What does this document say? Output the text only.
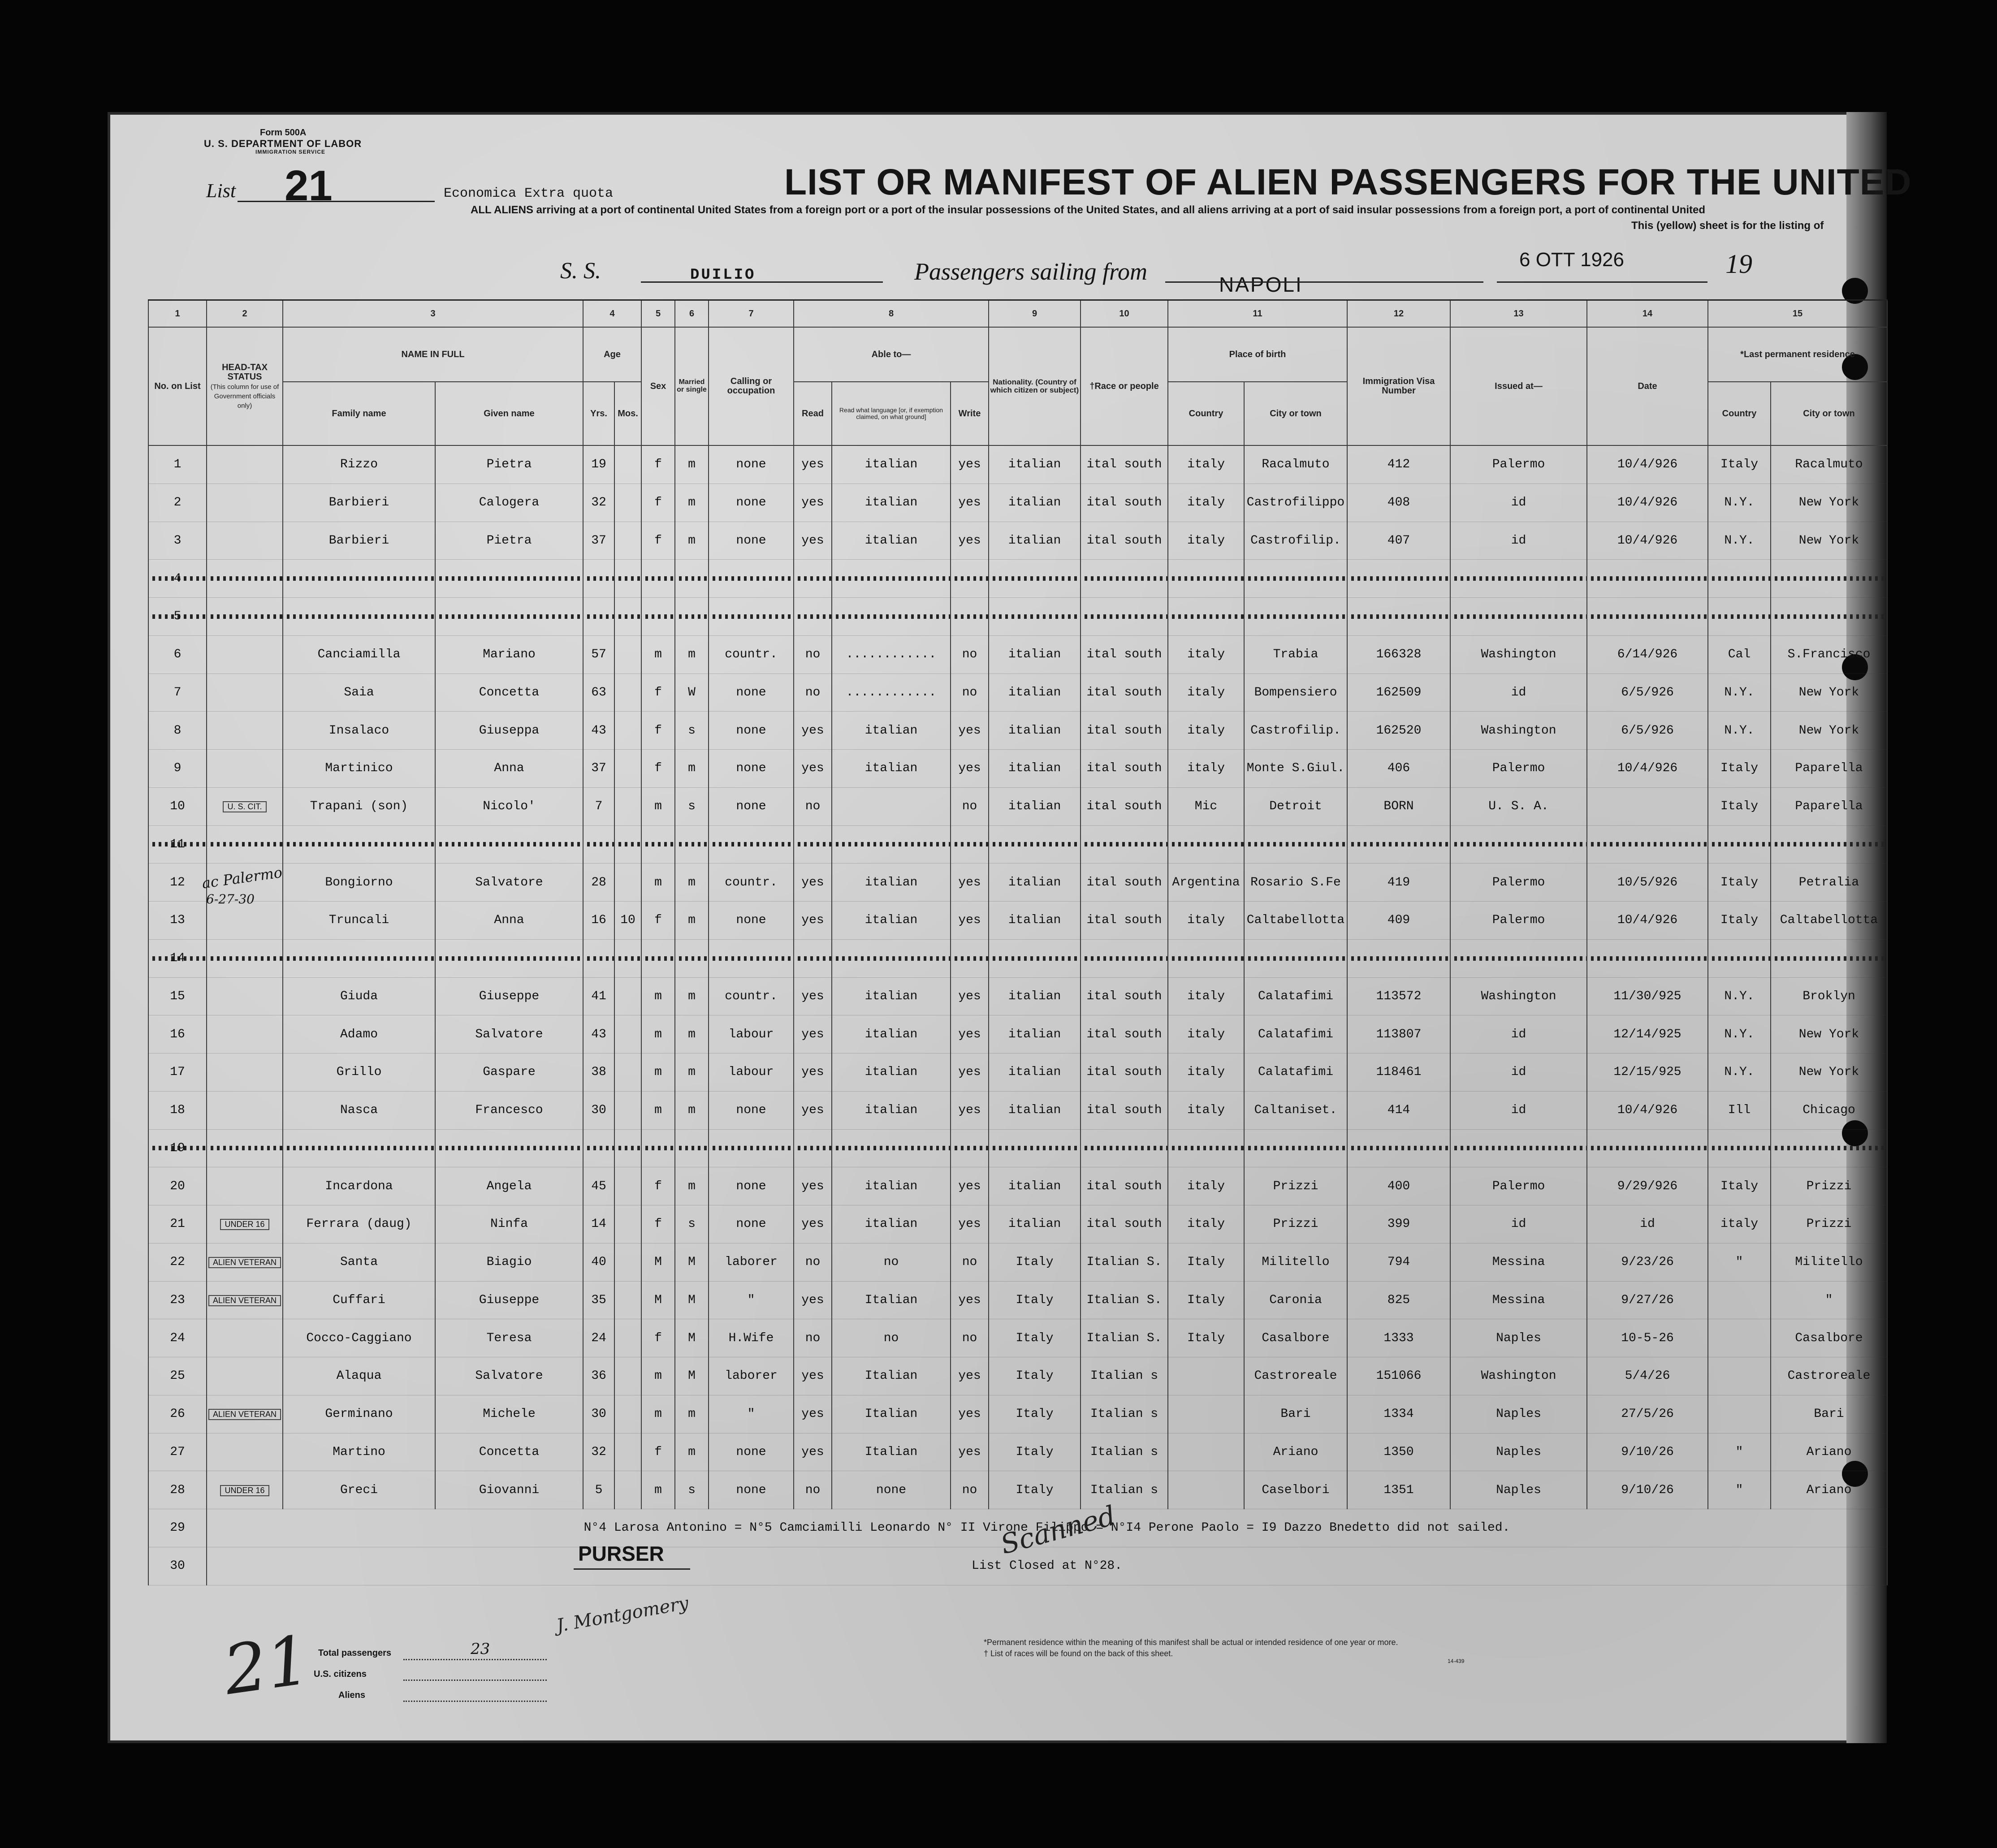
Form 500A
U. S. DEPARTMENT OF LABOR
IMMIGRATION SERVICE
List 21	Economica Extra quota	LIST OR MANIFEST OF ALIEN PASSENGERS FOR THE UNITED
ALL ALIENS arriving at a port of continental United States from a foreign port or a port of the insular possessions of the United States, and all aliens arriving at a port of said insular possessions from a foreign port, a port of continental United
This (yellow) sheet is for the listing of
S. S.	DUILIO	Passengers sailing from	NAPOLI
6 OTT 1926	19
1	2	3		4		5	6	7	8			9	10	11		12	13	14	15	
No. on List	HEAD-TAX STATUS
(This column for use of Government officials only)	NAME IN FULL		Age		Sex	Married or single	Calling or occupation	Able to—			Nationality. (Country of which citizen or subject)	†Race or people	Place of birth		Immigration Visa Number	Issued at—	Date	*Last permanent residence	
		Family name	Given name	Yrs.	Mos.				Read	Read what language [or, if exemption claimed, on what ground]	Write			Country	City or town				Country	City or town
1		Rizzo	Pietra	19		f	m	none	yes	italian	yes	italian	ital south	italy	Racalmuto	412	Palermo	10/4/926	Italy	Racalmuto
2		Barbieri	Calogera	32		f	m	none	yes	italian	yes	italian	ital south	italy	Castrofilippo	408	id	10/4/926	N.Y.	New York
3		Barbieri	Pietra	37		f	m	none	yes	italian	yes	italian	ital south	italy	Castrofilip.	407	id	10/4/926	N.Y.	New York
4																				
5																				
6		Canciamilla	Mariano	57		m	m	countr.	no	............	no	italian	ital south	italy	Trabia	166328	Washington	6/14/926	Cal	S.Francisco
7		Saia	Concetta	63		f	W	none	no	............	no	italian	ital south	italy	Bompensiero	162509	id	6/5/926	N.Y.	New York
8		Insalaco	Giuseppa	43		f	s	none	yes	italian	yes	italian	ital south	italy	Castrofilip.	162520	Washington	6/5/926	N.Y.	New York
9		Martinico	Anna	37		f	m	none	yes	italian	yes	italian	ital south	italy	Monte S.Giul.	406	Palermo	10/4/926	Italy	Paparella
10	U. S. CIT.	Trapani (son)	Nicolo'	7		m	s	none	no		no	italian	ital south	Mic	Detroit	BORN	U. S. A.		Italy	Paparella
11																				
12		Bongiorno	Salvatore	28		m	m	countr.	yes	italian	yes	italian	ital south	Argentina	Rosario S.Fe	419	Palermo	10/5/926	Italy	Petralia
13		Truncali	Anna	16	10	f	m	none	yes	italian	yes	italian	ital south	italy	Caltabellotta	409	Palermo	10/4/926	Italy	Caltabellotta
14																				
15		Giuda	Giuseppe	41		m	m	countr.	yes	italian	yes	italian	ital south	italy	Calatafimi	113572	Washington	11/30/925	N.Y.	Broklyn
16		Adamo	Salvatore	43		m	m	labour	yes	italian	yes	italian	ital south	italy	Calatafimi	113807	id	12/14/925	N.Y.	New York
17		Grillo	Gaspare	38		m	m	labour	yes	italian	yes	italian	ital south	italy	Calatafimi	118461	id	12/15/925	N.Y.	New York
18		Nasca	Francesco	30		m	m	none	yes	italian	yes	italian	ital south	italy	Caltaniset.	414	id	10/4/926	Ill	Chicago
19																				
20		Incardona	Angela	45		f	m	none	yes	italian	yes	italian	ital south	italy	Prizzi	400	Palermo	9/29/926	Italy	Prizzi
21	UNDER 16	Ferrara (daug)	Ninfa	14		f	s	none	yes	italian	yes	italian	ital south	italy	Prizzi	399	id	id	italy	Prizzi
22	ALIEN VETERAN	Santa	Biagio	40		M	M	laborer	no	no	no	Italy	Italian S.	Italy	Militello	794	Messina	9/23/26	"	Militello
23	ALIEN VETERAN	Cuffari	Giuseppe	35		M	M	"	yes	Italian	yes	Italy	Italian S.	Italy	Caronia	825	Messina	9/27/26		"
24		Cocco-Caggiano	Teresa	24		f	M	H.Wife	no	no	no	Italy	Italian S.	Italy	Casalbore	1333	Naples	10-5-26		Casalbore
25		Alaqua	Salvatore	36		m	M	laborer	yes	Italian	yes	Italy	Italian s		Castroreale	151066	Washington	5/4/26		Castroreale
26	ALIEN VETERAN	Germinano	Michele	30		m	m	"	yes	Italian	yes	Italy	Italian s		Bari	1334	Naples	27/5/26		Bari
27		Martino	Concetta	32		f	m	none	yes	Italian	yes	Italy	Italian s		Ariano	1350	Naples	9/10/26	"	Ariano
28	UNDER 16	Greci	Giovanni	5		m	s	none	no	none	no	Italy	Italian s		Caselbori	1351	Naples	9/10/26	"	Ariano
29	N°4 Larosa Antonino = N°5 Camciamilli Leonardo N° II Virone Filippo = N°I4 Perone Paolo = I9 Dazzo Bnedetto did not sailed.																			
30	List Closed at N°28.																			
ac Palermo
6-27-30
PURSER	Scanned
21 Total passengers	23
U.S. citizens
Aliens
J. Montgomery
*Permanent residence within the meaning of this manifest shall be actual or intended residence of one year or more.
† List of races will be found on the back of this sheet.
14-439
